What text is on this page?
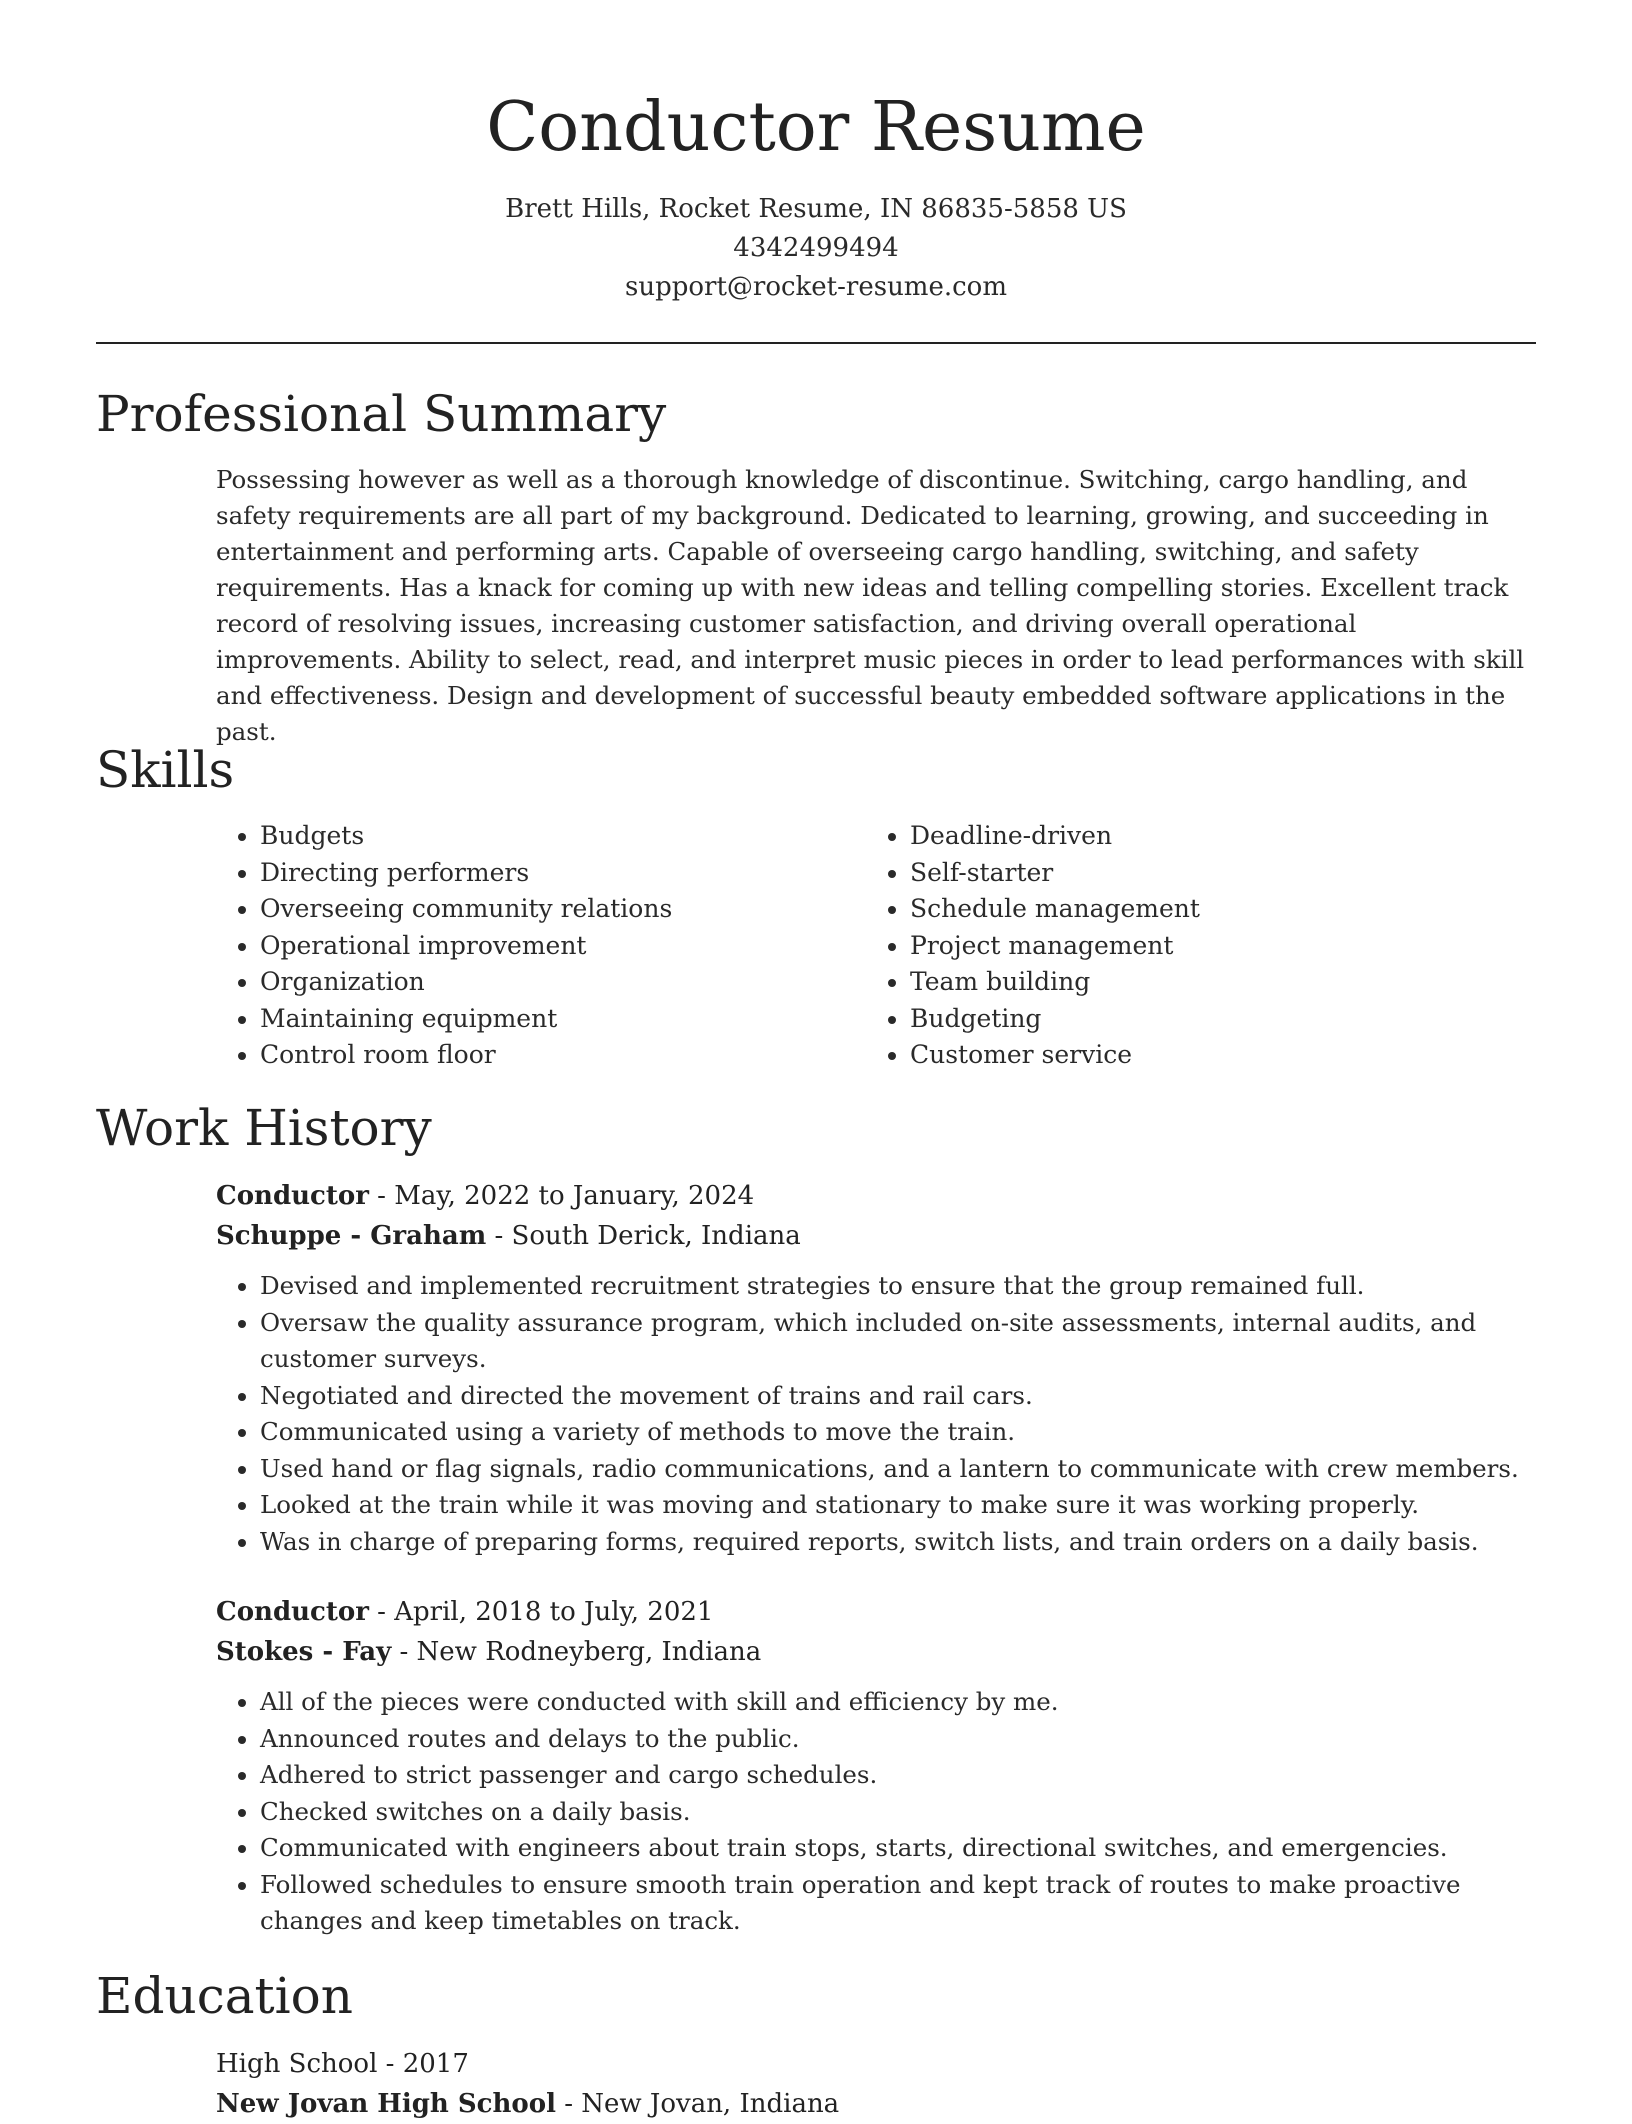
Conductor Resume
Brett Hills, Rocket Resume, IN 86835-5858 US
4342499494
support@rocket-resume.com
Professional Summary

Possessing however as well as a thorough knowledge of discontinue. Switching, cargo handling, and safety requirements are all part of my background. Dedicated to learning, growing, and succeeding in entertainment and performing arts. Capable of overseeing cargo handling, switching, and safety requirements. Has a knack for coming up with new ideas and telling compelling stories. Excellent track record of resolving issues, increasing customer satisfaction, and driving overall operational improvements. Ability to select, read, and interpret music pieces in order to lead performances with skill and effectiveness. Design and development of successful beauty embedded software applications in the past.

Skills
• Budgets
• Directing performers
• Overseeing community relations
• Operational improvement
• Organization
• Maintaining equipment
• Control room floor
• Deadline-driven
• Self-starter
• Schedule management
• Project management
• Team building
• Budgeting
• Customer service
Work History
Conductor - May, 2022 to January, 2024
Schuppe - Graham - South Derick, Indiana
• Devised and implemented recruitment strategies to ensure that the group remained full.
• Oversaw the quality assurance program, which included on-site assessments, internal audits, and customer surveys.
• Negotiated and directed the movement of trains and rail cars.
• Communicated using a variety of methods to move the train.
• Used hand or flag signals, radio communications, and a lantern to communicate with crew members.
• Looked at the train while it was moving and stationary to make sure it was working properly.
• Was in charge of preparing forms, required reports, switch lists, and train orders on a daily basis.
Conductor - April, 2018 to July, 2021
Stokes - Fay - New Rodneyberg, Indiana
• All of the pieces were conducted with skill and efficiency by me.
• Announced routes and delays to the public.
• Adhered to strict passenger and cargo schedules.
• Checked switches on a daily basis.
• Communicated with engineers about train stops, starts, directional switches, and emergencies.
• Followed schedules to ensure smooth train operation and kept track of routes to make proactive changes and keep timetables on track.
Education
High School - 2017
New Jovan High School - New Jovan, Indiana
